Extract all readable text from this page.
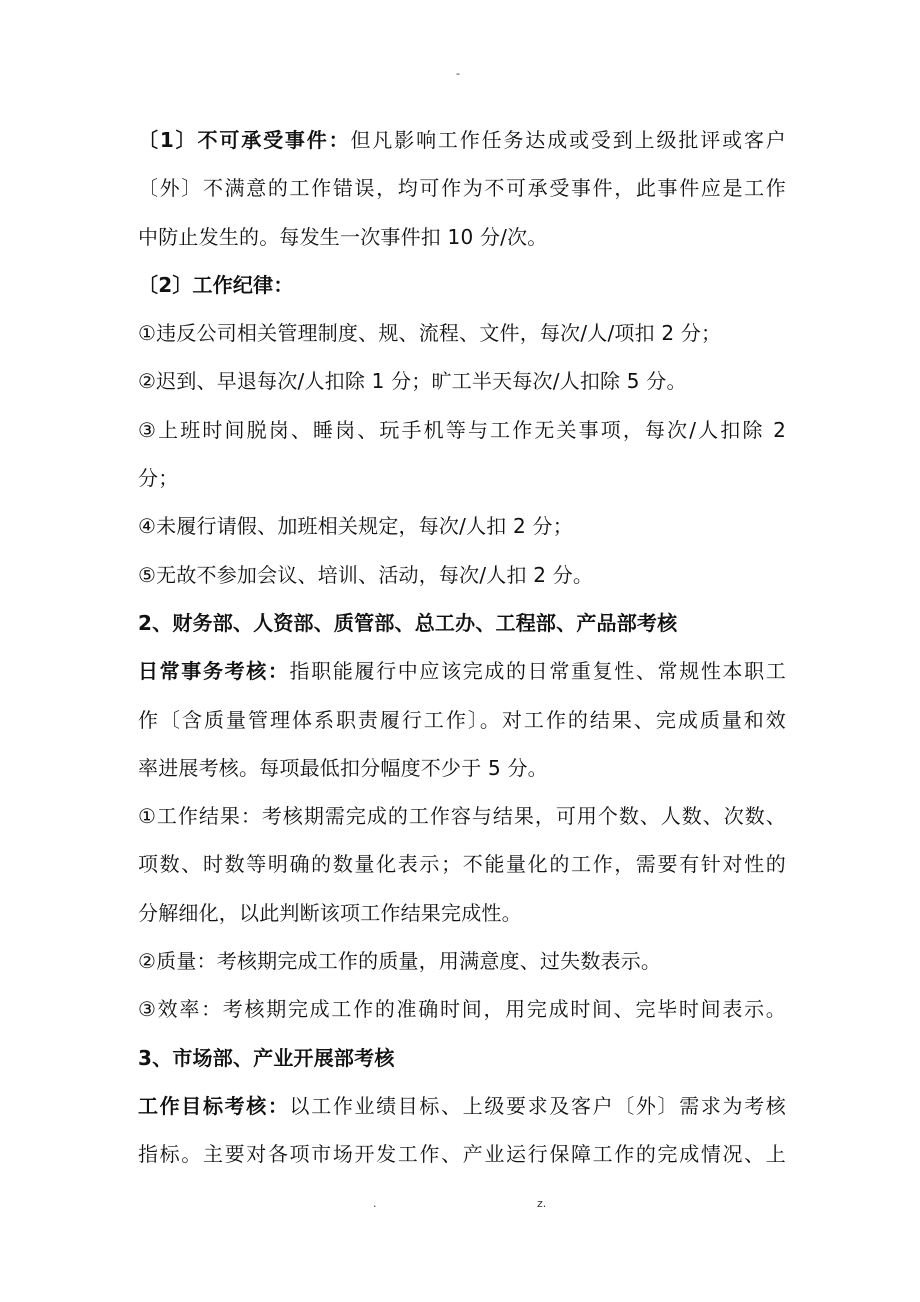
-
〔1〕不可承受事件：但凡影响工作任务达成或受到上级批评或客户
〔外〕不满意的工作错误，均可作为不可承受事件，此事件应是工作
中防止发生的。每发生一次事件扣 10 分/次。
〔2〕工作纪律：
①违反公司相关管理制度、规、流程、文件，每次/人/项扣 2 分；
②迟到、早退每次/人扣除 1 分；旷工半天每次/人扣除 5 分。
③上班时间脱岗、睡岗、玩手机等与工作无关事项，每次/人扣除 2
分；
④未履行请假、加班相关规定，每次/人扣 2 分；
⑤无故不参加会议、培训、活动，每次/人扣 2 分。
2、财务部、人资部、质管部、总工办、工程部、产品部考核
日常事务考核：指职能履行中应该完成的日常重复性、常规性本职工
作〔含质量管理体系职责履行工作〕。对工作的结果、完成质量和效
率进展考核。每项最低扣分幅度不少于 5 分。
①工作结果：考核期需完成的工作容与结果，可用个数、人数、次数、
项数、时数等明确的数量化表示；不能量化的工作，需要有针对性的
分解细化，以此判断该项工作结果完成性。
②质量：考核期完成工作的质量，用满意度、过失数表示。
③效率：考核期完成工作的准确时间，用完成时间、完毕时间表示。
3、市场部、产业开展部考核
工作目标考核：以工作业绩目标、上级要求及客户〔外〕需求为考核
指标。主要对各项市场开发工作、产业运行保障工作的完成情况、上
.	z.
